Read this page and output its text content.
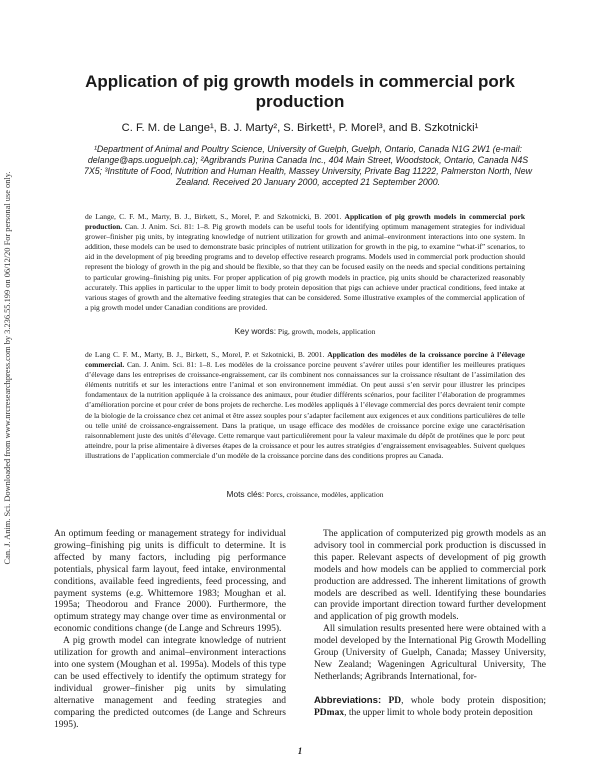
Can. J. Anim. Sci. Downloaded from www.nrcresearchpress.com by 3.236.55.199 on 06/12/20 For personal use only.
Application of pig growth models in commercial pork production
C. F. M. de Lange¹, B. J. Marty², S. Birkett¹, P. Morel³, and B. Szkotnicki¹
¹Department of Animal and Poultry Science, University of Guelph, Guelph, Ontario, Canada N1G 2W1 (e-mail: delange@aps.uoguelph.ca); ²Agribrands Purina Canada Inc., 404 Main Street, Woodstock, Ontario, Canada N4S 7X5; ³Institute of Food, Nutrition and Human Health, Massey University, Private Bag 11222, Palmerston North, New Zealand. Received 20 January 2000, accepted 21 September 2000.
de Lange, C. F. M., Marty, B. J., Birkett, S., Morel, P. and Szkotnicki, B. 2001. Application of pig growth models in commercial pork production. Can. J. Anim. Sci. 81: 1–8. Pig growth models can be useful tools for identifying optimum management strategies for individual grower–finisher pig units, by integrating knowledge of nutrient utilization for growth and animal–environment interactions into one system. In addition, these models can be used to demonstrate basic principles of nutrient utilization for growth in the pig, to examine “what-if” scenarios, to aid in the development of pig breeding programs and to develop effective research programs. Models used in commercial pork production should represent the biology of growth in the pig and should be flexible, so that they can be focused easily on the needs and special conditions pertaining to particular growing–finishing pig units. For proper application of pig growth models in practice, pig units should be characterized reasonably accurately. This applies in particular to the upper limit to body protein deposition that pigs can achieve under practical conditions, feed intake at various stages of growth and the alternative feeding strategies that can be considered. Some illustrative examples of the commercial application of a pig growth model under Canadian conditions are provided.
Key words: Pig, growth, models, application
de Lang C. F. M., Marty, B. J., Birkett, S., Morel, P. et Szkotnicki, B. 2001. Application des modèles de la croissance porcine à l’élevage commercial. Can. J. Anim. Sci. 81: 1–8. Les modèles de la croissance porcine peuvent s’avérer utiles pour identifier les meilleures pratiques d’élevage dans les entreprises de croissance-engraissement, car ils combinent nos connaissances sur la croissance résultant de l’assimilation des éléments nutritifs et sur les interactions entre l’animal et son environnement immédiat. On peut aussi s’en servir pour illustrer les principes fondamentaux de la nutrition appliquée à la croissance des animaux, pour étudier différents scénarios, pour faciliter l’élaboration de programmes d’amélioration porcine et pour créer de bons projets de recherche. Les modèles appliqués à l’élevage commercial des porcs devraient tenir compte de la biologie de la croissance chez cet animal et être assez souples pour s’adapter facilement aux exigences et aux conditions particulières de telle ou telle unité de croissance-engraissement. Dans la pratique, un usage efficace des modèles de croissance porcine exige une caractérisation raisonnablement juste des unités d’élevage. Cette remarque vaut particulièrement pour la valeur maximale du dépôt de protéines que le porc peut atteindre, pour la prise alimentaire à diverses étapes de la croissance et pour les autres stratégies d’engraissement envisageables. Suivent quelques illustrations de l’application commerciale d’un modèle de la croissance porcine dans des conditions propres au Canada.
Mots clés: Porcs, croissance, modèles, application

An optimum feeding or management strategy for individual growing–finishing pig units is difficult to determine. It is affected by many factors, including pig performance potentials, physical farm layout, feed intake, environmental conditions, available feed ingredients, feed processing, and payment systems (e.g. Whittemore 1983; Moughan et al. 1995a; Theodorou and France 2000). Furthermore, the optimum strategy may change over time as environmental or economic conditions change (de Lange and Schreurs 1995).

A pig growth model can integrate knowledge of nutrient utilization for growth and animal–environment interactions into one system (Moughan et al. 1995a). Models of this type can be used effectively to identify the optimum strategy for individual grower–finisher pig units by simulating alternative management and feeding strategies and comparing the predicted outcomes (de Lange and Schreurs 1995).

The application of computerized pig growth models as an advisory tool in commercial pork production is discussed in this paper. Relevant aspects of development of pig growth models and how models can be applied to commercial pork production are addressed. The inherent limitations of growth models are described as well. Identifying these boundaries can provide important direction toward further development and application of pig growth models.

All simulation results presented here were obtained with a model developed by the International Pig Growth Modelling Group (University of Guelph, Canada; Massey University, New Zealand; Wageningen Agricultural University, The Netherlands; Agribrands International, for-

Abbreviations: PD, whole body protein disposition; PDmax, the upper limit to whole body protein deposition

1
